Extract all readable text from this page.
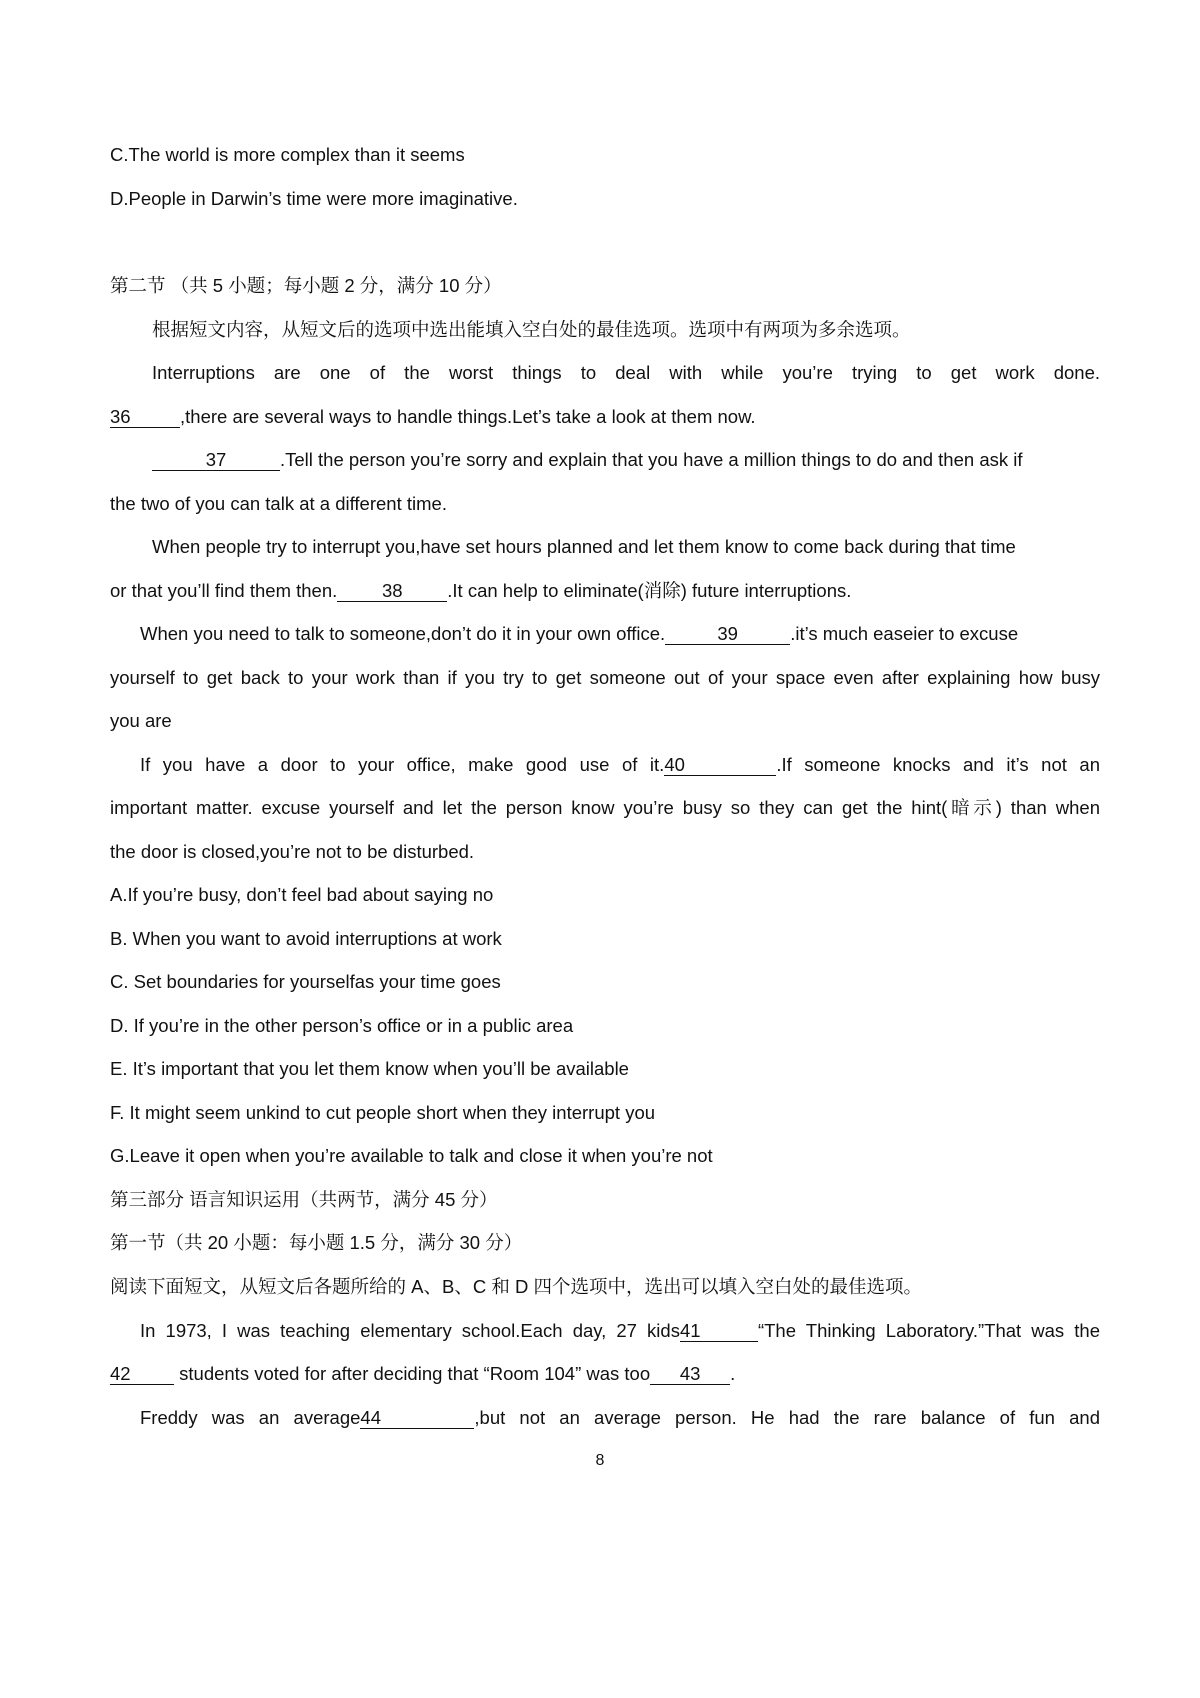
C.The world is more complex than it seems
D.People in Darwin’s time were more imaginative.
第二节 （共 5 小题；每小题 2 分，满分 10 分）
根据短文内容，从短文后的选项中选出能填入空白处的最佳选项。选项中有两项为多余选项。
Interruptions are one of the worst things to deal with while you’re trying to get work done.
36	,there are several ways to handle things.Let’s take a look at them now.
37	.Tell the person you’re sorry and explain that you have a million things to do and then ask if
the two of you can talk at a different time.
When people try to interrupt you,have set hours planned and let them know to come back during that time
or that you’ll find them then. 38 .It can help to eliminate(消除) future interruptions.
When you need to talk to someone,don’t do it in your own office.	39	.it’s much easeier to excuse
yourself to get back to your work than if you try to get someone out of your space even after explaining how busy
you are
If you have a door to your office, make good use of it.40	.If someone knocks and it’s not an
important matter. excuse yourself and let the person know you’re busy so they can get the hint(暗示) than when
the door is closed,you’re not to be disturbed.
A.If you’re busy, don’t feel bad about saying no
B. When you want to avoid interruptions at work
C. Set boundaries for yourselfas your time goes
D. If you’re in the other person’s office or in a public area
E. It’s important that you let them know when you’ll be available
F. It might seem unkind to cut people short when they interrupt you
G.Leave it open when you’re available to talk and close it when you’re not
第三部分 语言知识运用（共两节，满分 45 分）
第一节（共 20 小题：每小题 1.5 分，满分 30 分）
阅读下面短文，从短文后各题所给的 A、B、C 和 D 四个选项中，选出可以填入空白处的最佳选项。
In 1973, I was teaching elementary school.Each day, 27 kids41	“The Thinking Laboratory.”That was the
42 students voted for after deciding that “Room 104” was too 43 .
Freddy was an average44	,but not an average person. He had the rare balance of fun and
8
